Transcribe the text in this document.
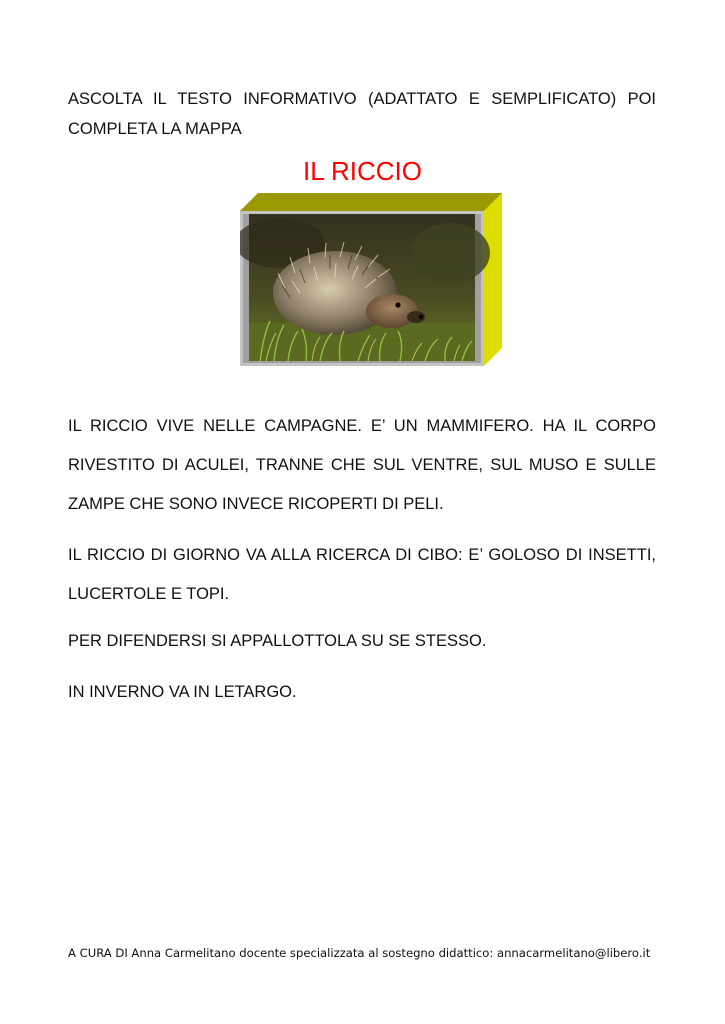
ASCOLTA IL TESTO INFORMATIVO (ADATTATO E SEMPLIFICATO) POI COMPLETA LA MAPPA

IL RICCIO

IL RICCIO VIVE NELLE CAMPAGNE. E’ UN MAMMIFERO. HA IL CORPO RIVESTITO DI ACULEI, TRANNE CHE SUL VENTRE, SUL MUSO E SULLE ZAMPE CHE SONO INVECE RICOPERTI DI PELI.

IL RICCIO DI GIORNO VA ALLA RICERCA DI CIBO: E’ GOLOSO DI INSETTI, LUCERTOLE E TOPI.

PER DIFENDERSI SI APPALLOTTOLA SU SE STESSO.

IN INVERNO VA IN LETARGO.

A CURA DI Anna Carmelitano docente specializzata al sostegno didattico: annacarmelitano@libero.it
